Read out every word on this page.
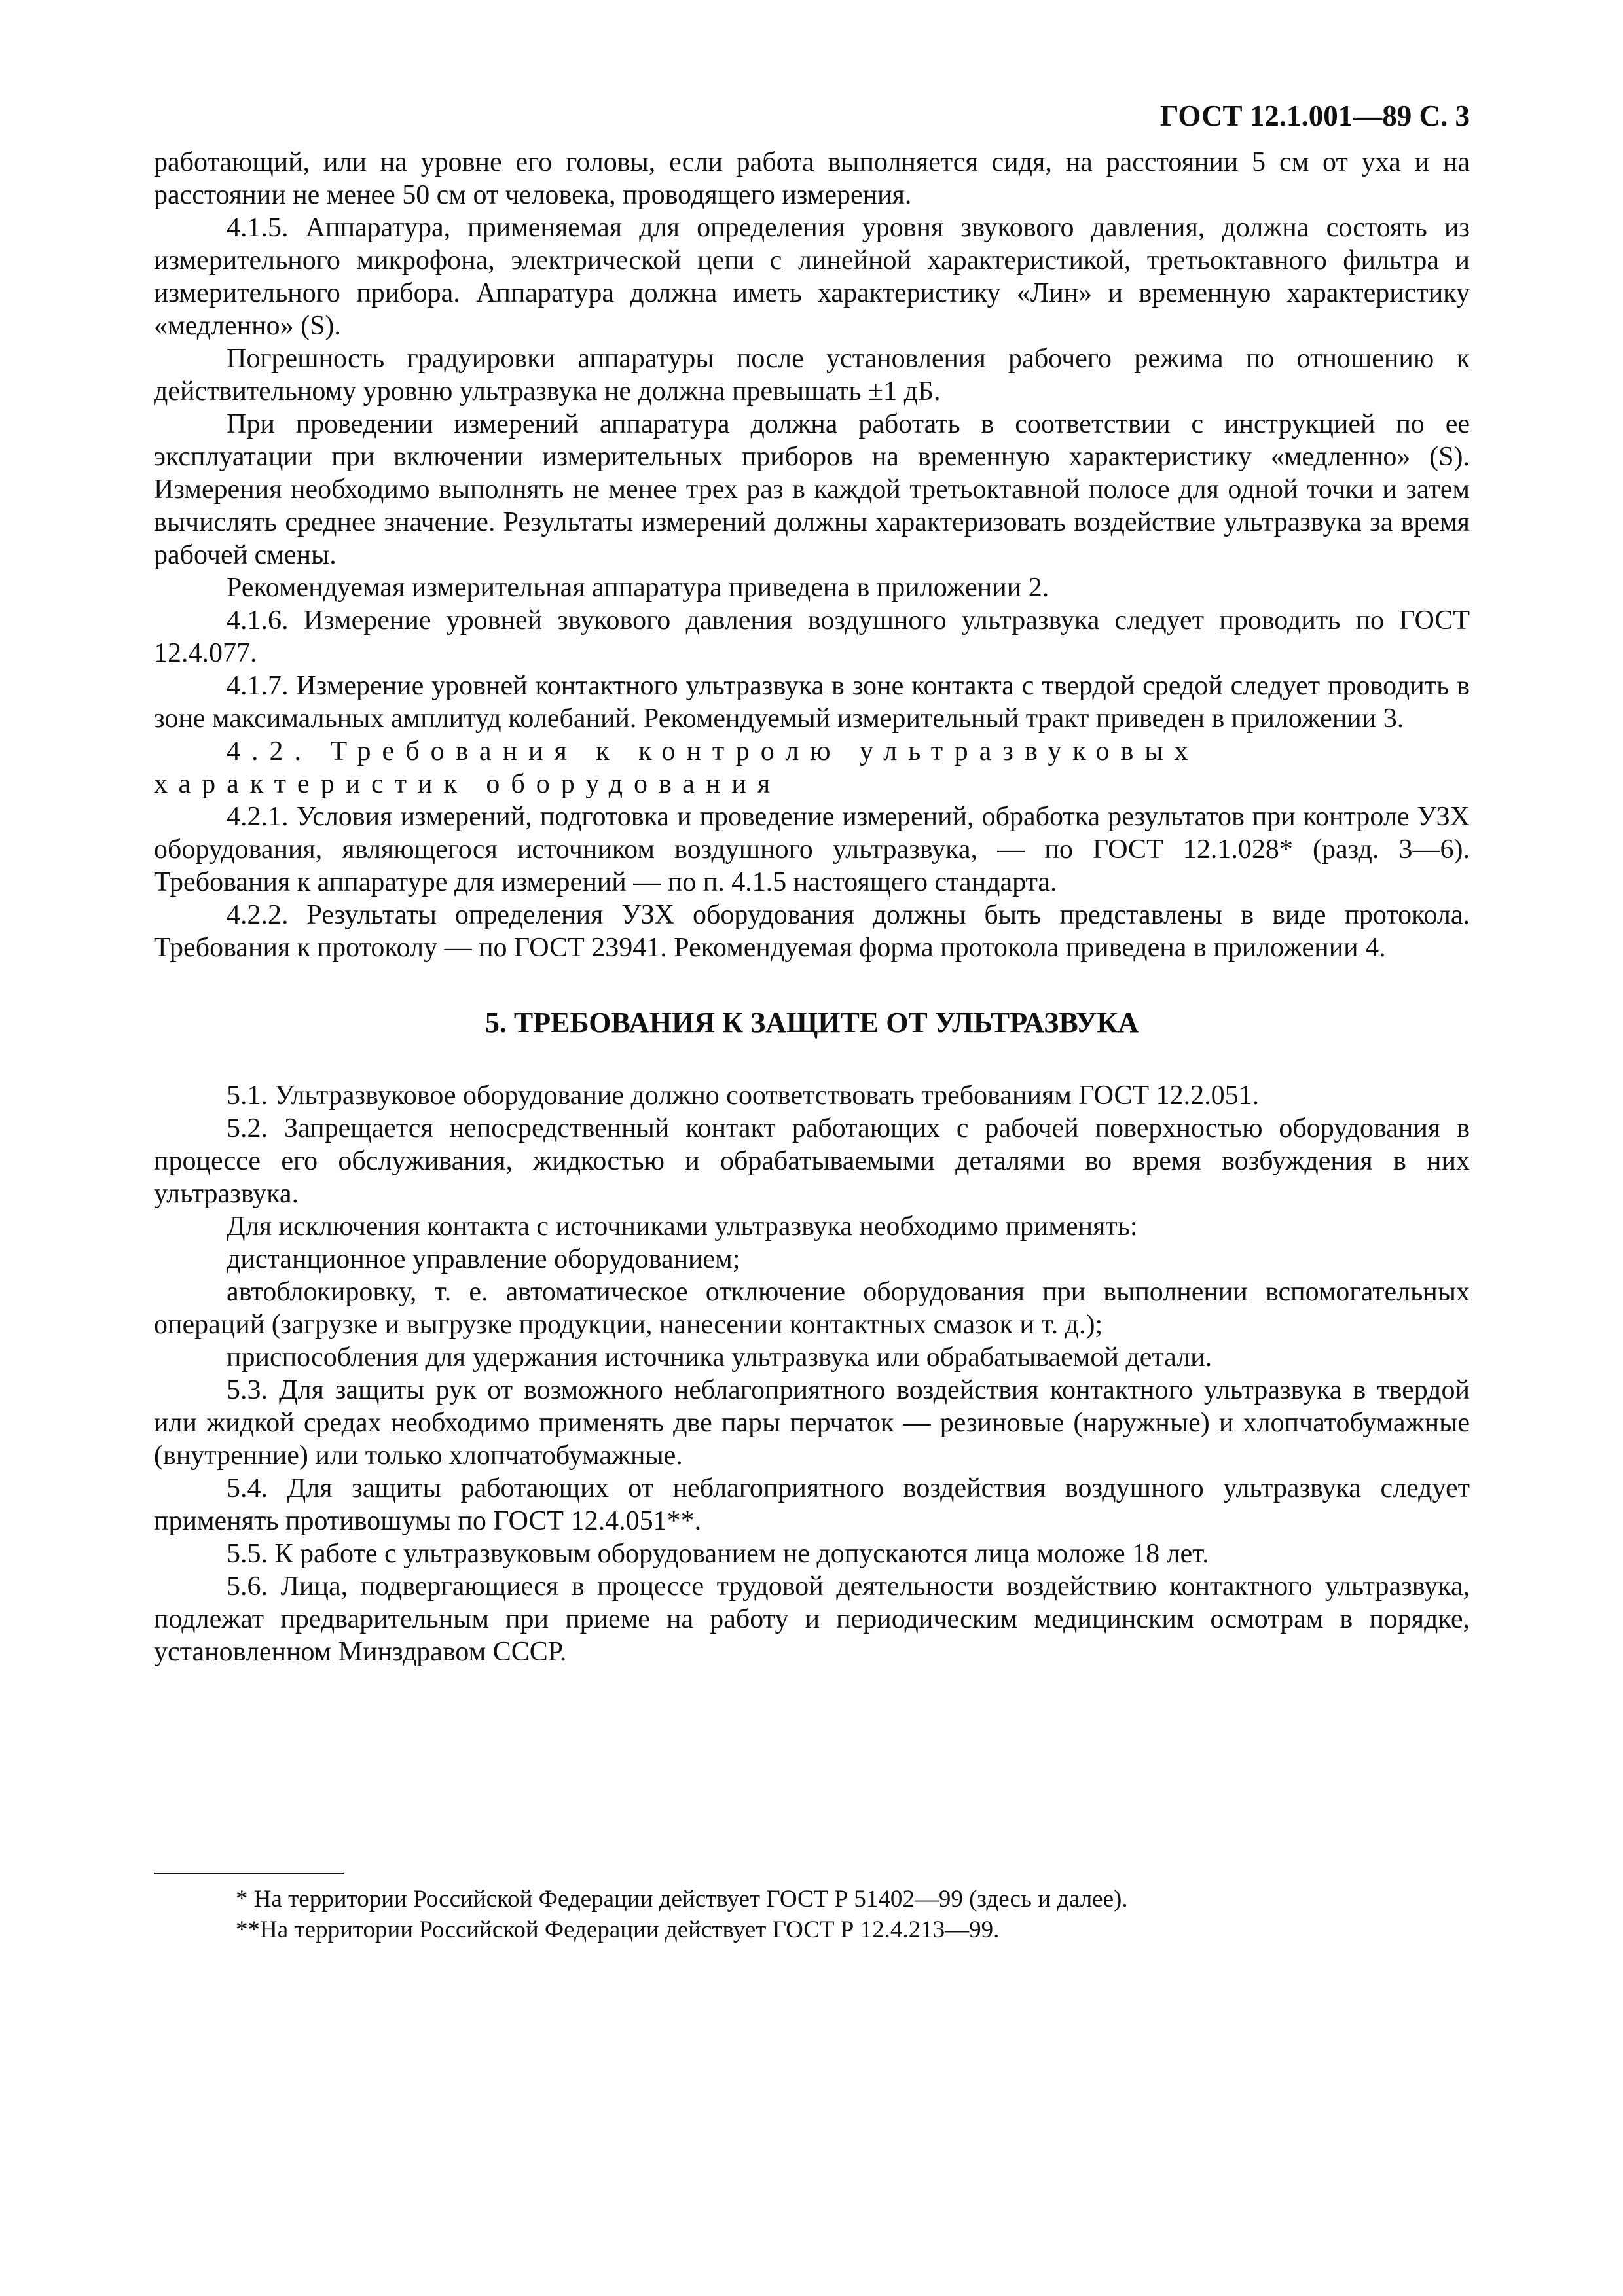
ГОСТ 12.1.001—89 С. 3

работающий, или на уровне его головы, если работа выполняется сидя, на расстоянии 5 см от уха и на расстоянии не менее 50 см от человека, проводящего измерения.

4.1.5. Аппаратура, применяемая для определения уровня звукового давления, должна состоять из измерительного микрофона, электрической цепи с линейной характеристикой, третьоктавного фильтра и измерительного прибора. Аппаратура должна иметь характеристику «Лин» и временную характеристику «медленно» (S).

Погрешность градуировки аппаратуры после установления рабочего режима по отношению к действительному уровню ультразвука не должна превышать ±1 дБ.

При проведении измерений аппаратура должна работать в соответствии с инструкцией по ее эксплуатации при включении измерительных приборов на временную характеристику «медленно» (S). Измерения необходимо выполнять не менее трех раз в каждой третьоктавной полосе для одной точки и затем вычислять среднее значение. Результаты измерений должны характеризовать воздействие ультразвука за время рабочей смены.

Рекомендуемая измерительная аппаратура приведена в приложении 2.

4.1.6. Измерение уровней звукового давления воздушного ультразвука следует проводить по ГОСТ 12.4.077.

4.1.7. Измерение уровней контактного ультразвука в зоне контакта с твердой средой следует проводить в зоне максимальных амплитуд колебаний. Рекомендуемый измерительный тракт приведен в приложении 3.

4.2. Требования к контролю ультразвуковых характеристик оборудования

4.2.1. Условия измерений, подготовка и проведение измерений, обработка результатов при контроле УЗХ оборудования, являющегося источником воздушного ультразвука, — по ГОСТ 12.1.028* (разд. 3—6). Требования к аппаратуре для измерений — по п. 4.1.5 настоящего стандарта.

4.2.2. Результаты определения УЗХ оборудования должны быть представлены в виде протокола. Требования к протоколу — по ГОСТ 23941. Рекомендуемая форма протокола приведена в приложении 4.

5. ТРЕБОВАНИЯ К ЗАЩИТЕ ОТ УЛЬТРАЗВУКА

5.1. Ультразвуковое оборудование должно соответствовать требованиям ГОСТ 12.2.051.

5.2. Запрещается непосредственный контакт работающих с рабочей поверхностью оборудования в процессе его обслуживания, жидкостью и обрабатываемыми деталями во время возбуждения в них ультразвука.

Для исключения контакта с источниками ультразвука необходимо применять:

дистанционное управление оборудованием;

автоблокировку, т. е. автоматическое отключение оборудования при выполнении вспомогательных операций (загрузке и выгрузке продукции, нанесении контактных смазок и т. д.);

приспособления для удержания источника ультразвука или обрабатываемой детали.

5.3. Для защиты рук от возможного неблагоприятного воздействия контактного ультразвука в твердой или жидкой средах необходимо применять две пары перчаток — резиновые (наружные) и хлопчатобумажные (внутренние) или только хлопчатобумажные.

5.4. Для защиты работающих от неблагоприятного воздействия воздушного ультразвука следует применять противошумы по ГОСТ 12.4.051**.

5.5. К работе с ультразвуковым оборудованием не допускаются лица моложе 18 лет.

5.6. Лица, подвергающиеся в процессе трудовой деятельности воздействию контактного ультразвука, подлежат предварительным при приеме на работу и периодическим медицинским осмотрам в порядке, установленном Минздравом СССР.

* На территории Российской Федерации действует ГОСТ Р 51402—99 (здесь и далее).

**На территории Российской Федерации действует ГОСТ Р 12.4.213—99.
